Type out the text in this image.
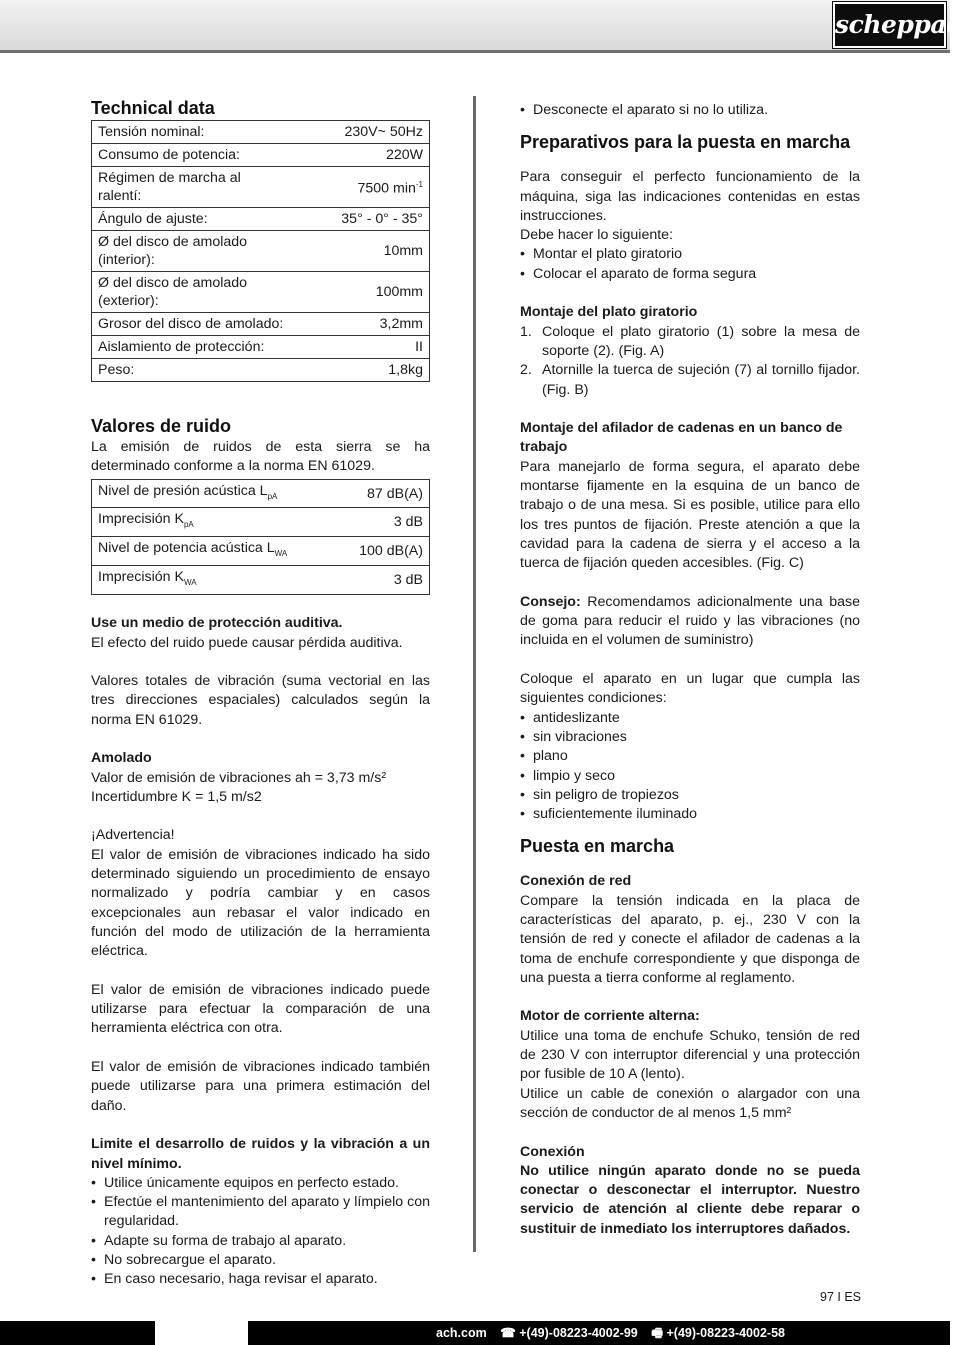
scheppach
Technical data
Tensión nominal:	230V~ 50Hz
Consumo de potencia:	220W
Régimen de marcha al ralentí:	7500 $\min^{-1}$
Ángulo de ajuste:	35° - 0° - 35°
Ø del disco de amolado (interior):	10mm
Ø del disco de amolado (exterior):	100mm
Grosor del disco de amolado:	3,2mm
Aislamiento de protección:	II
Peso:	1,8kg
Valores de ruido

La emisión de ruidos de esta sierra se ha determinado conforme a la norma EN 61029.

Nivel de presión acústica $L_{pA}$	87 dB(A)
Imprecisión $K_{pA}$	3 dB
Nivel de potencia acústica $L_{WA}$	100 dB(A)
Imprecisión $K_{WA}$	3 dB

Use un medio de protección auditiva.

El efecto del ruido puede causar pérdida auditiva.

Valores totales de vibración (suma vectorial en las tres direcciones espaciales) calculados según la norma EN 61029.

Amolado

Valor de emisión de vibraciones ah = 3,73 m/s²

Incertidumbre K = 1,5 m/s2

¡Advertencia!

El valor de emisión de vibraciones indicado ha sido determinado siguiendo un procedimiento de ensayo normalizado y podría cambiar y en casos excepcionales aun rebasar el valor indicado en función del modo de utilización de la herramienta eléctrica.

El valor de emisión de vibraciones indicado puede utilizarse para efectuar la comparación de una herramienta eléctrica con otra.

El valor de emisión de vibraciones indicado también puede utilizarse para una primera estimación del daño.

Limite el desarrollo de ruidos y la vibración a un nivel mínimo.

• Utilice únicamente equipos en perfecto estado.
• Efectúe el mantenimiento del aparato y límpielo con regularidad.
• Adapte su forma de trabajo al aparato.
• No sobrecargue el aparato.
• En caso necesario, haga revisar el aparato.
• Desconecte el aparato si no lo utiliza.
Preparativos para la puesta en marcha

Para conseguir el perfecto funcionamiento de la máquina, siga las indicaciones contenidas en estas instrucciones.

Debe hacer lo siguiente:

• Montar el plato giratorio
• Colocar el aparato de forma segura

Montaje del plato giratorio

1. Coloque el plato giratorio (1) sobre la mesa de soporte (2). (Fig. A)
2. Atornille la tuerca de sujeción (7) al tornillo fijador. (Fig. B)

Montaje del afilador de cadenas en un banco de trabajo

Para manejarlo de forma segura, el aparato debe montarse fijamente en la esquina de un banco de trabajo o de una mesa. Si es posible, utilice para ello los tres puntos de fijación. Preste atención a que la cavidad para la cadena de sierra y el acceso a la tuerca de fijación queden accesibles. (Fig. C)

Consejo: Recomendamos adicionalmente una base de goma para reducir el ruido y las vibraciones (no incluida en el volumen de suministro)

Coloque el aparato en un lugar que cumpla las siguientes condiciones:

• antideslizante
• sin vibraciones
• plano
• limpio y seco
• sin peligro de tropiezos
• suficientemente iluminado
Puesta en marcha

Conexión de red

Compare la tensión indicada en la placa de características del aparato, p. ej., 230 V con la tensión de red y conecte el afilador de cadenas a la toma de enchufe correspondiente y que disponga de una puesta a tierra conforme al reglamento.

Motor de corriente alterna:

Utilice una toma de enchufe Schuko, tensión de red de 230 V con interruptor diferencial y una protección por fusible de 10 A (lento).

Utilice un cable de conexión o alargador con una sección de conductor de al menos 1,5 mm²

Conexión

No utilice ningún aparato donde no se pueda conectar o desconectar el interruptor. Nuestro servicio de atención al cliente debe reparar o sustituir de inmediato los interruptores dañados.

97 I ES
ach.com ☎ +(49)-08223-4002-99 🖷 +(49)-08223-4002-58
